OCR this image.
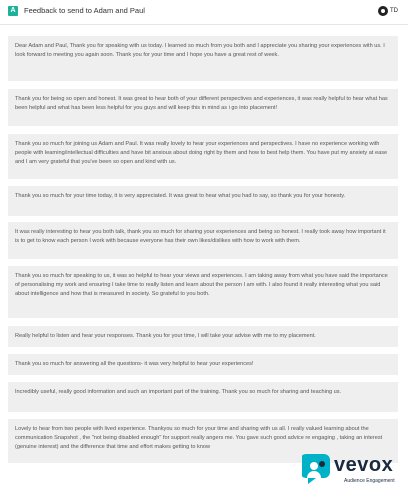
A	Feedback to send to Adam and Paul	TD
Dear Adam and Paul, Thank you for speaking with us today. I learned so much from you both and I appreciate you sharing your experiences with us. I look forward to meeting you again soon. Thank you for your time and I hope you have a great rest of week.
Thank you for being so open and honest. It was great to hear both of your different perspectives and experiences, it was really helpful to hear what has been helpful and what has been less helpful for you guys and will keep this in mind as i go into placement!
Thank you so much for joining us Adam and Paul. It was really lovely to hear your experiences and perspectives. I have no experience working with people with learning/intellectual difficulties and have bit anxious about doing right by them and how to best help them. You have put my anxiety at ease and I am very grateful that you've been so open and kind with us.
Thank you so much for your time today, it is very appreciated. It was great to hear what you had to say, so thank you for your honesty.
It was really interesting to hear you both talk, thank you so much for sharing your experiences and being so honest. I really took away how important it is to get to know each person I work with because everyone has their own likes/dislikes with how to work with them.
Thank you so much for speaking to us, it was so helpful to hear your views and experiences. I am taking away from what you have said the importance of personalising my work and ensuring I take time to really listen and learn about the person I am with. I also found it really interesting what you said about intelligence and how that is measured in society. So grateful to you both.
Really helpful to listen and hear your responses. Thank you for your time, I will take your advise with me to my placement.
Thank you so much for answering all the questions- it was very helpful to hear your experiences!
Incredibly useful, really good information and such an important part of the training. Thank you so much for sharing and teaching us.
Lovely to hear from two people with lived experience. Thankyou so much for your time and sharing with us all. I really valued learning about the communication Snapshot , the "not being disabled enough" for support really angers me. You gave such good advice re engaging , taking an interest (genuine interest) and the difference that time and effort makes getting to know
vevox
Audience Engagement
